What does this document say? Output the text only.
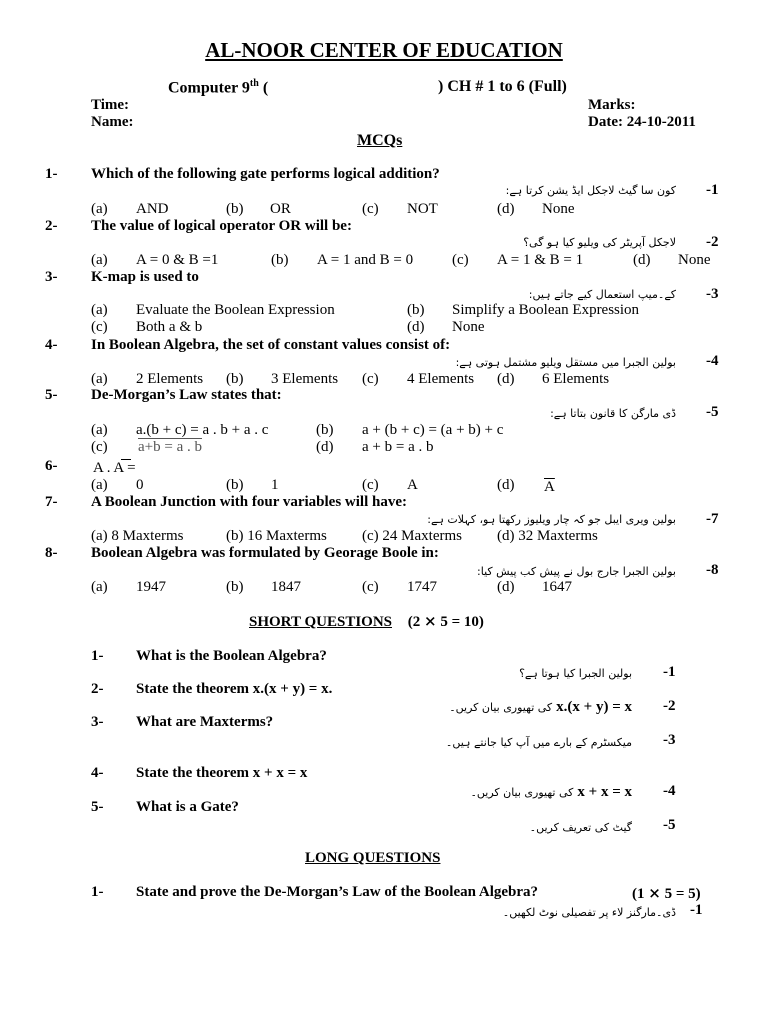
AL-NOOR CENTER OF EDUCATION
Computer 9th (	) CH # 1 to 6 (Full)
Time:	Marks:
Name:	Date: 24-10-2011
MCQs
1- Which of the following gate performs logical addition?
کون سا گیٹ لاجکل ایڈ یشن کرتا ہے: -1
(a) AND	(b) OR	(c) NOT	(d) None
2- The value of logical operator OR will be:
لاجکل آپریٹر کی ویلیو کیا ہو گی؟ -2
(a) A = 0 & B =1	(b) A = 1 and B = 0	(c) A = 1 & B = 1	(d) None
3- K-map is used to
کے۔میپ استعمال کیے جاتے ہیں: -3
(a) Evaluate the Boolean Expression	(b) Simplify a Boolean Expression
(c) Both a & b	(d) None
4- In Boolean Algebra, the set of constant values consist of:
بولین الجبرا میں مستقل ویلیو مشتمل ہوتی ہے: -4
(a) 2 Elements (b) 3 Elements (c) 4 Elements (d) 6 Elements
5- De-Morgan’s Law states that:
ڈی مارگن کا قانون بتاتا ہے: -5
(a) a.(b + c) = a . b + a . c	(b) a + (b + c) = (a + b) + c
(c) a+b = a . b	(d) a + b = a . b
6- A . A =
(a) 0	(b) 1	(c) A	(d) $\overline{A}$
7- A Boolean Junction with four variables will have:
بولین ویری ایبل جو کہ چار ویلیوز رکھتا ہو، کہلات ہے: -7
(a) 8 Maxterms	(b) 16 Maxterms (c) 24 Maxterms (d) 32 Maxterms
8- Boolean Algebra was formulated by Georage Boole in:
بولین الجبرا جارج بول نے پیش کب پیش کیا: -8
(a) 1947	(b) 1847	(c) 1747	(d) 1647
SHORT QUESTIONS (2 ⨯ 5 = 10)
1- What is the Boolean Algebra?
بولین الجبرا کیا ہوتا ہے؟ -1
2- State the theorem x.(x + y) = x.
کی تھیوری بیان کریں۔ x.(x + y) = x -2
3- What are Maxterms?
میکسٹرم کے بارے میں آپ کیا جانتے ہیں۔ -3
4- State the theorem x + x = x
کی تھیوری بیان کریں۔ x + x = x -4
5- What is a Gate?
گیٹ کی تعریف کریں۔ -5
LONG QUESTIONS
1- State and prove the De-Morgan’s Law of the Boolean Algebra?	(1 ⨯ 5 = 5)
ڈی۔مارگنز لاء پر تفصیلی نوٹ لکھیں۔ -1
